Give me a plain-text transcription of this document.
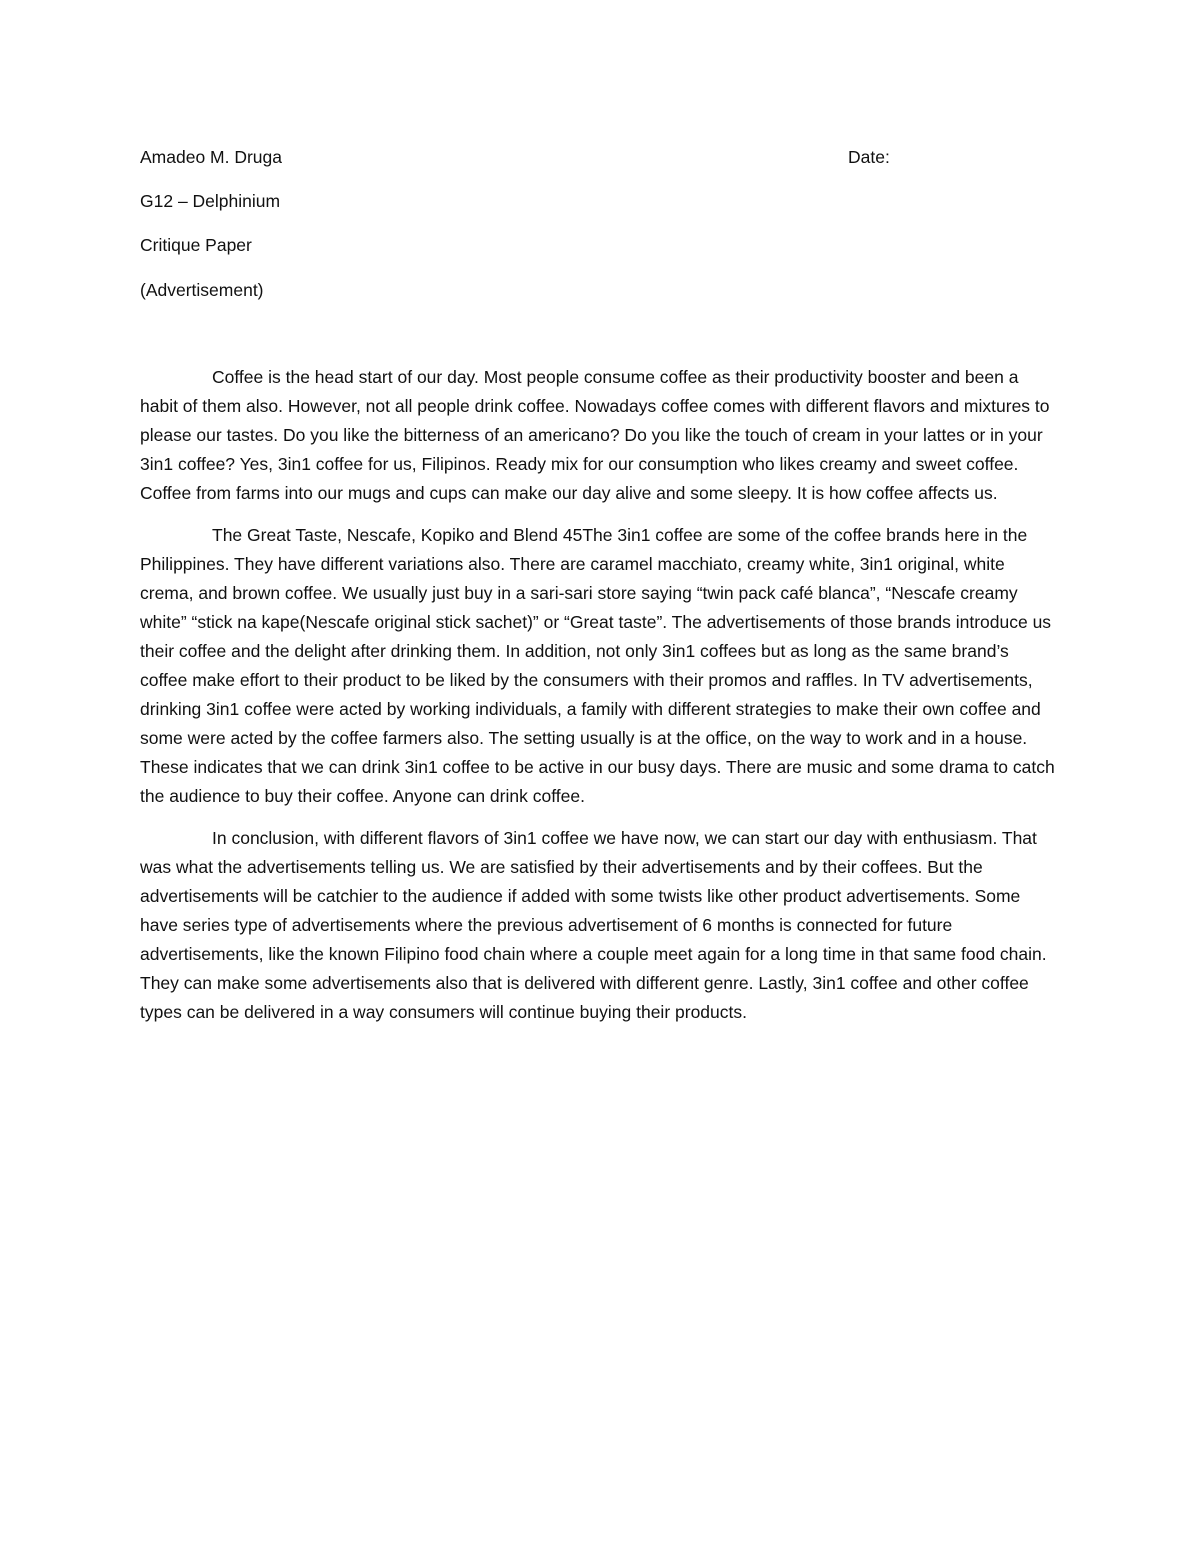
Amadeo M. Druga	Date:
G12 – Delphinium
Critique Paper
(Advertisement)

Coffee is the head start of our day. Most people consume coffee as their productivity booster and been a habit of them also. However, not all people drink coffee. Nowadays coffee comes with different flavors and mixtures to please our tastes. Do you like the bitterness of an americano? Do you like the touch of cream in your lattes or in your 3in1 coffee? Yes, 3in1 coffee for us, Filipinos. Ready mix for our consumption who likes creamy and sweet coffee. Coffee from farms into our mugs and cups can make our day alive and some sleepy. It is how coffee affects us.

The Great Taste, Nescafe, Kopiko and Blend 45The 3in1 coffee are some of the coffee brands here in the Philippines. They have different variations also. There are caramel macchiato, creamy white, 3in1 original, white crema, and brown coffee. We usually just buy in a sari-sari store saying “twin pack café blanca”, “Nescafe creamy white” “stick na kape(Nescafe original stick sachet)” or “Great taste”. The advertisements of those brands introduce us their coffee and the delight after drinking them. In addition, not only 3in1 coffees but as long as the same brand’s coffee make effort to their product to be liked by the consumers with their promos and raffles. In TV advertisements, drinking 3in1 coffee were acted by working individuals, a family with different strategies to make their own coffee and some were acted by the coffee farmers also. The setting usually is at the office, on the way to work and in a house. These indicates that we can drink 3in1 coffee to be active in our busy days. There are music and some drama to catch the audience to buy their coffee. Anyone can drink coffee.

In conclusion, with different flavors of 3in1 coffee we have now, we can start our day with enthusiasm. That was what the advertisements telling us. We are satisfied by their advertisements and by their coffees. But the advertisements will be catchier to the audience if added with some twists like other product advertisements. Some have series type of advertisements where the previous advertisement of 6 months is connected for future advertisements, like the known Filipino food chain where a couple meet again for a long time in that same food chain. They can make some advertisements also that is delivered with different genre. Lastly, 3in1 coffee and other coffee types can be delivered in a way consumers will continue buying their products.
